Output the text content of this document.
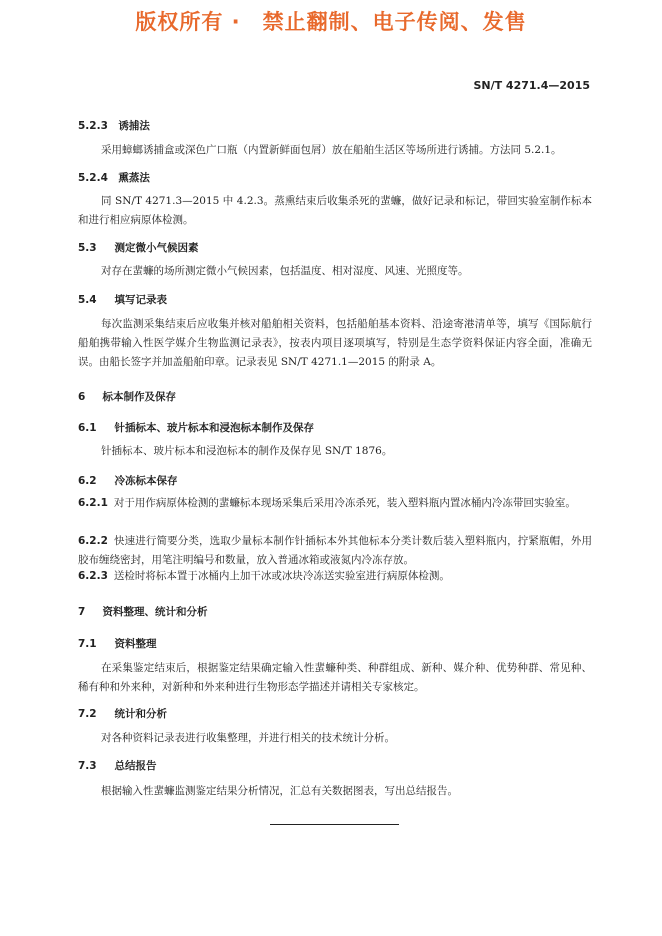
版权所有 ·　禁止翻制、电子传阅、发售
SN/T 4271.4—2015
5.2.3　 诱捕法
采用蟑螂诱捕盒或深色广口瓶（内置新鲜面包屑）放在船舶生活区等场所进行诱捕。方法同 5.2.1。
5.2.4　 熏蒸法
同 SN/T 4271.3—2015 中 4.2.3。蒸熏结束后收集杀死的蜚蠊，做好记录和标记，带回实验室制作标本和进行相应病原体检测。
5.3　 测定微小气候因素
对存在蜚蠊的场所测定微小气候因素，包括温度、相对湿度、风速、光照度等。
5.4　 填写记录表
每次监测采集结束后应收集并核对船舶相关资料，包括船舶基本资料、沿途寄港清单等，填写《国际航行船舶携带输入性医学媒介生物监测记录表》，按表内项目逐项填写，特别是生态学资料保证内容全面，准确无误。由船长签字并加盖船舶印章。记录表见 SN/T 4271.1—2015 的附录 A。
6　 标本制作及保存
6.1　 针插标本、玻片标本和浸泡标本制作及保存
针插标本、玻片标本和浸泡标本的制作及保存见 SN/T 1876。
6.2　 冷冻标本保存
6.2.1 对于用作病原体检测的蜚蠊标本现场采集后采用冷冻杀死，装入塑料瓶内置冰桶内冷冻带回实验室。
6.2.2 快速进行简要分类，选取少量标本制作针插标本外其他标本分类计数后装入塑料瓶内，拧紧瓶帽，外用胶布缠绕密封，用笔注明编号和数量，放入普通冰箱或液氮内冷冻存放。
6.2.3 送检时将标本置于冰桶内上加干冰或冰块冷冻送实验室进行病原体检测。
7　 资料整理、统计和分析
7.1　 资料整理
在采集鉴定结束后，根据鉴定结果确定输入性蜚蠊种类、种群组成、新种、媒介种、优势种群、常见种、稀有种和外来种，对新种和外来种进行生物形态学描述并请相关专家核定。
7.2　 统计和分析
对各种资料记录表进行收集整理，并进行相关的技术统计分析。
7.3　 总结报告
根据输入性蜚蠊监测鉴定结果分析情况，汇总有关数据图表，写出总结报告。
